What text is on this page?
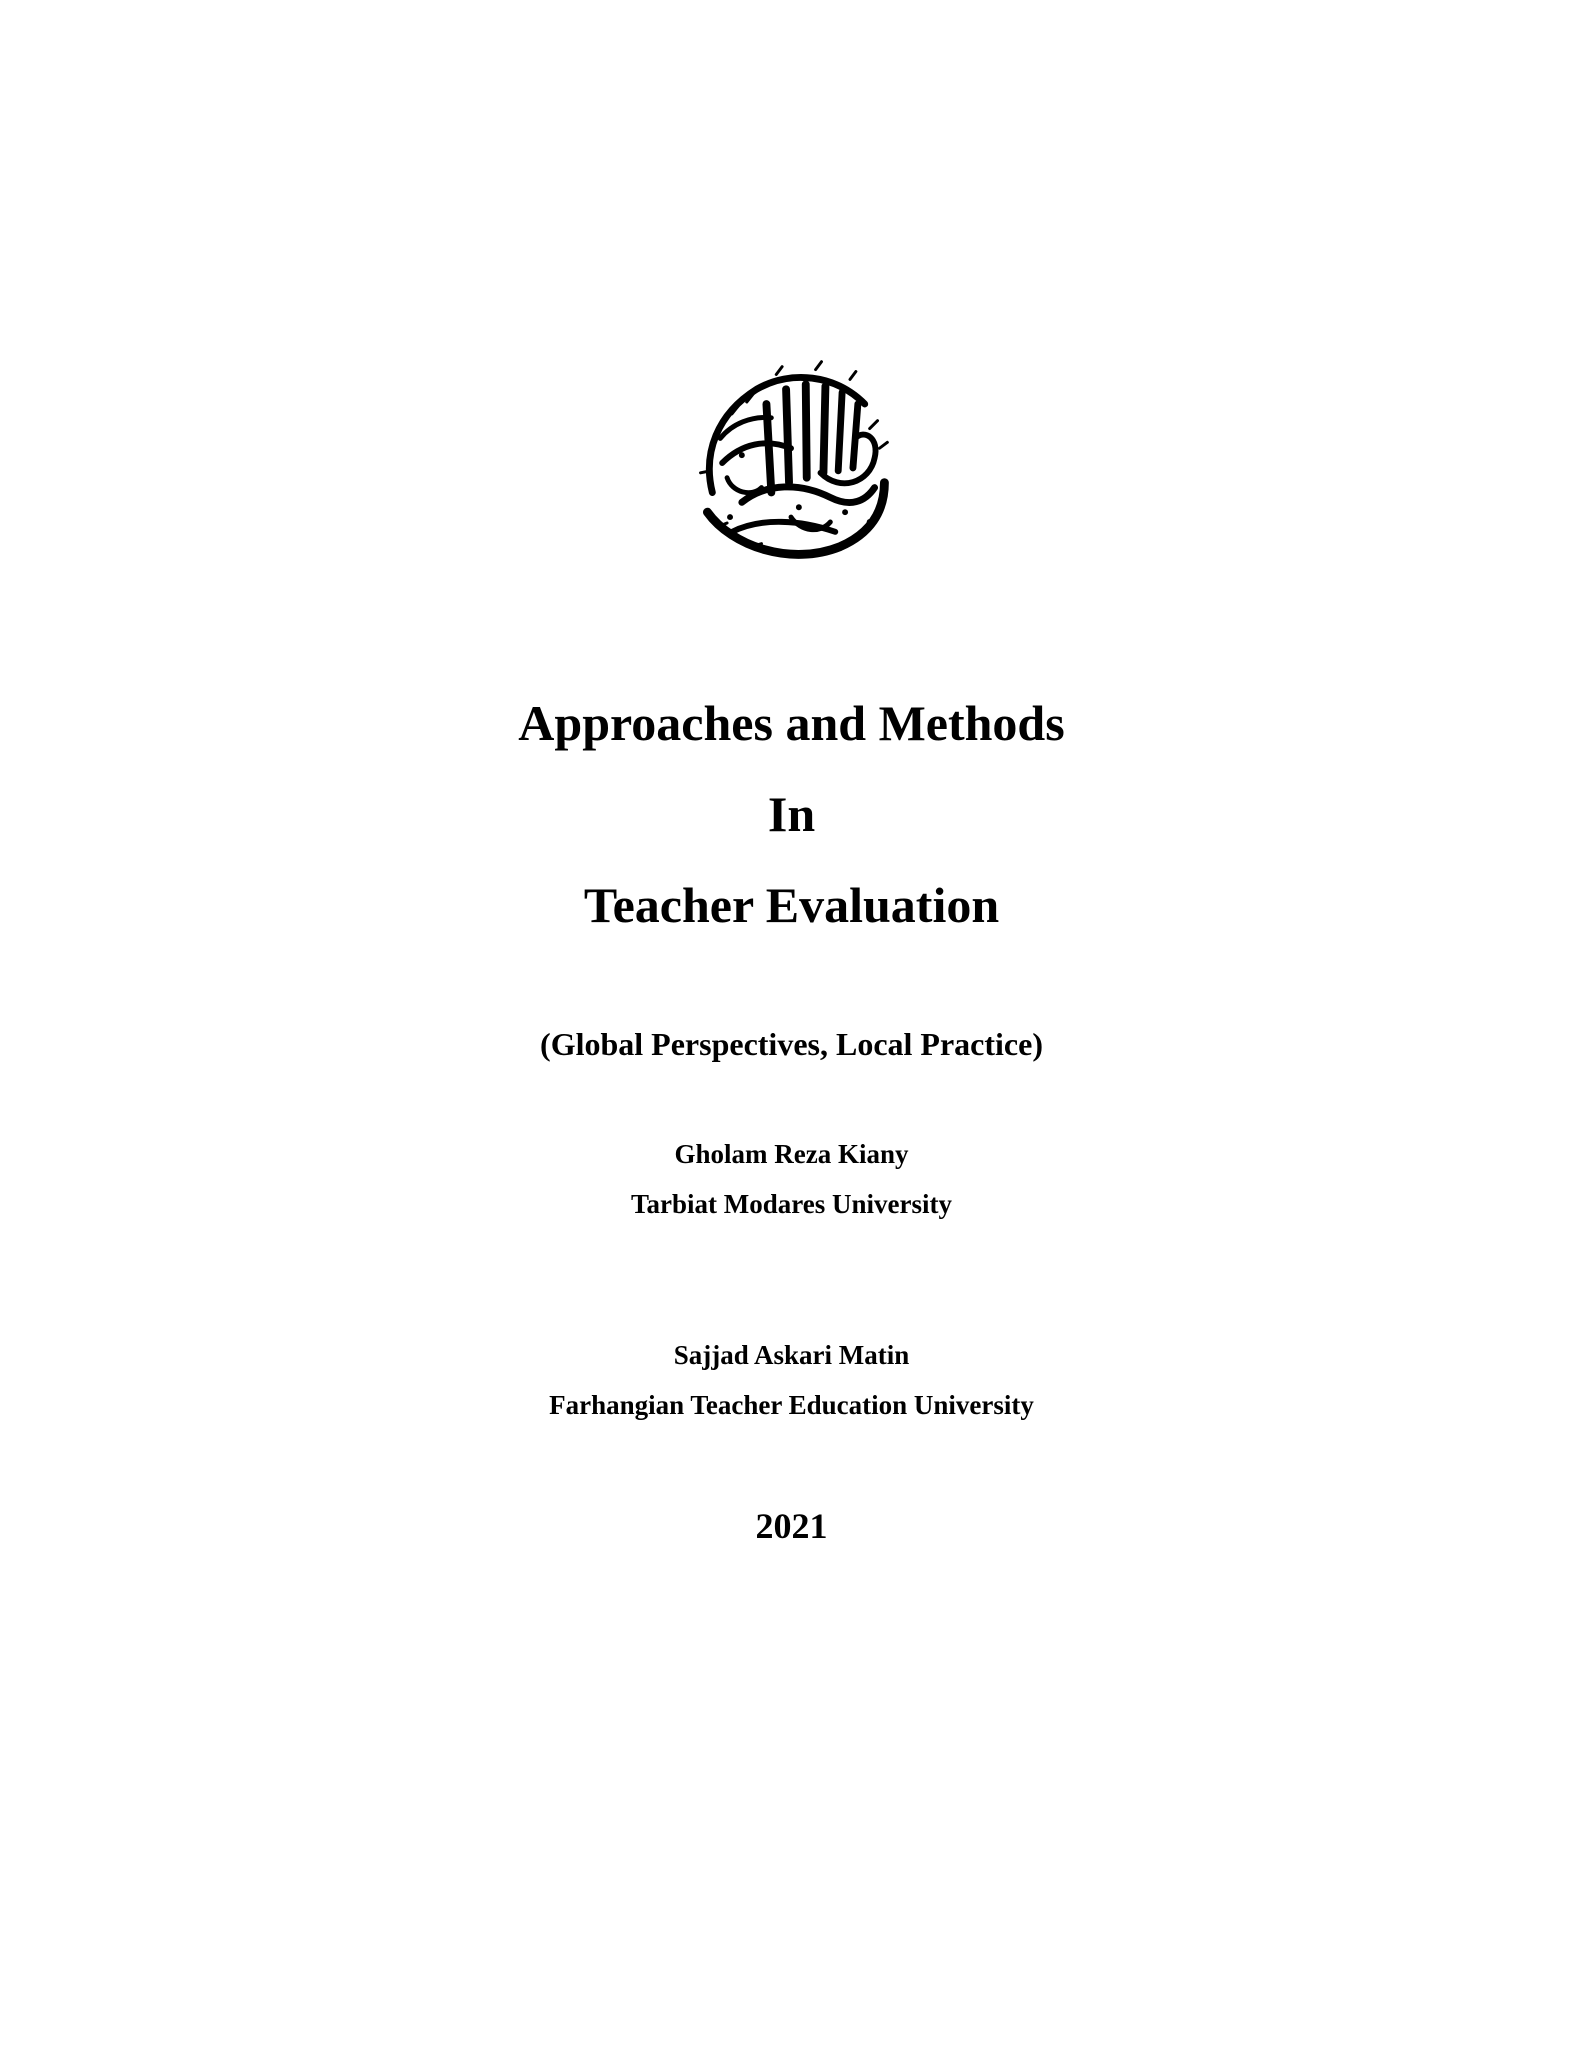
Approaches and Methods
In
Teacher Evaluation
(Global Perspectives, Local Practice)
Gholam Reza Kiany
Tarbiat Modares University
Sajjad Askari Matin
Farhangian Teacher Education University
2021
